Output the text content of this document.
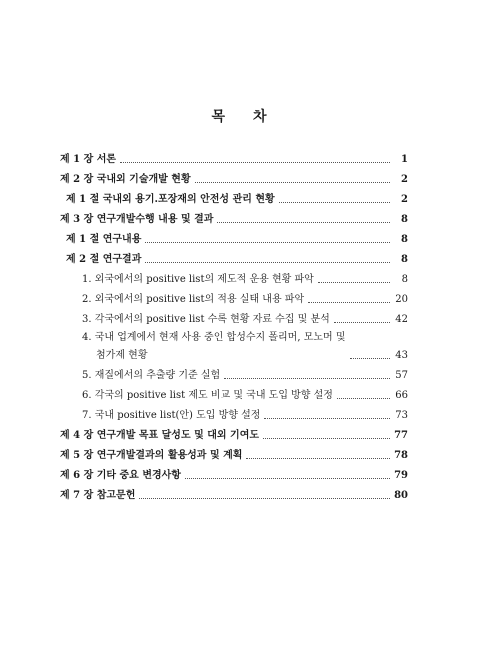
목 차
제 1 장 서론	1
제 2 장 국내외 기술개발 현황	2
제 1 절 국내외 용기.포장재의 안전성 관리 현황	2
제 3 장 연구개발수행 내용 및 결과	8
제 1 절 연구내용	8
제 2 절 연구결과	8
1. 외국에서의 positive list의 제도적 운용 현황 파악	8
2. 외국에서의 positive list의 적용 실태 내용 파악	20
3. 각국에서의 positive list 수록 현황 자료 수집 및 분석	42
4. 국내 업계에서 현재 사용 중인 합성수지 폴리머, 모노머 및
첨가제 현황	43
5. 재질에서의 추출량 기준 실험	57
6. 각국의 positive list 제도 비교 및 국내 도입 방향 설정	66
7. 국내 positive list(안) 도입 방향 설정	73
제 4 장 연구개발 목표 달성도 및 대외 기여도	77
제 5 장 연구개발결과의 활용성과 및 계획	78
제 6 장 기타 중요 변경사항	79
제 7 장 참고문헌	80
